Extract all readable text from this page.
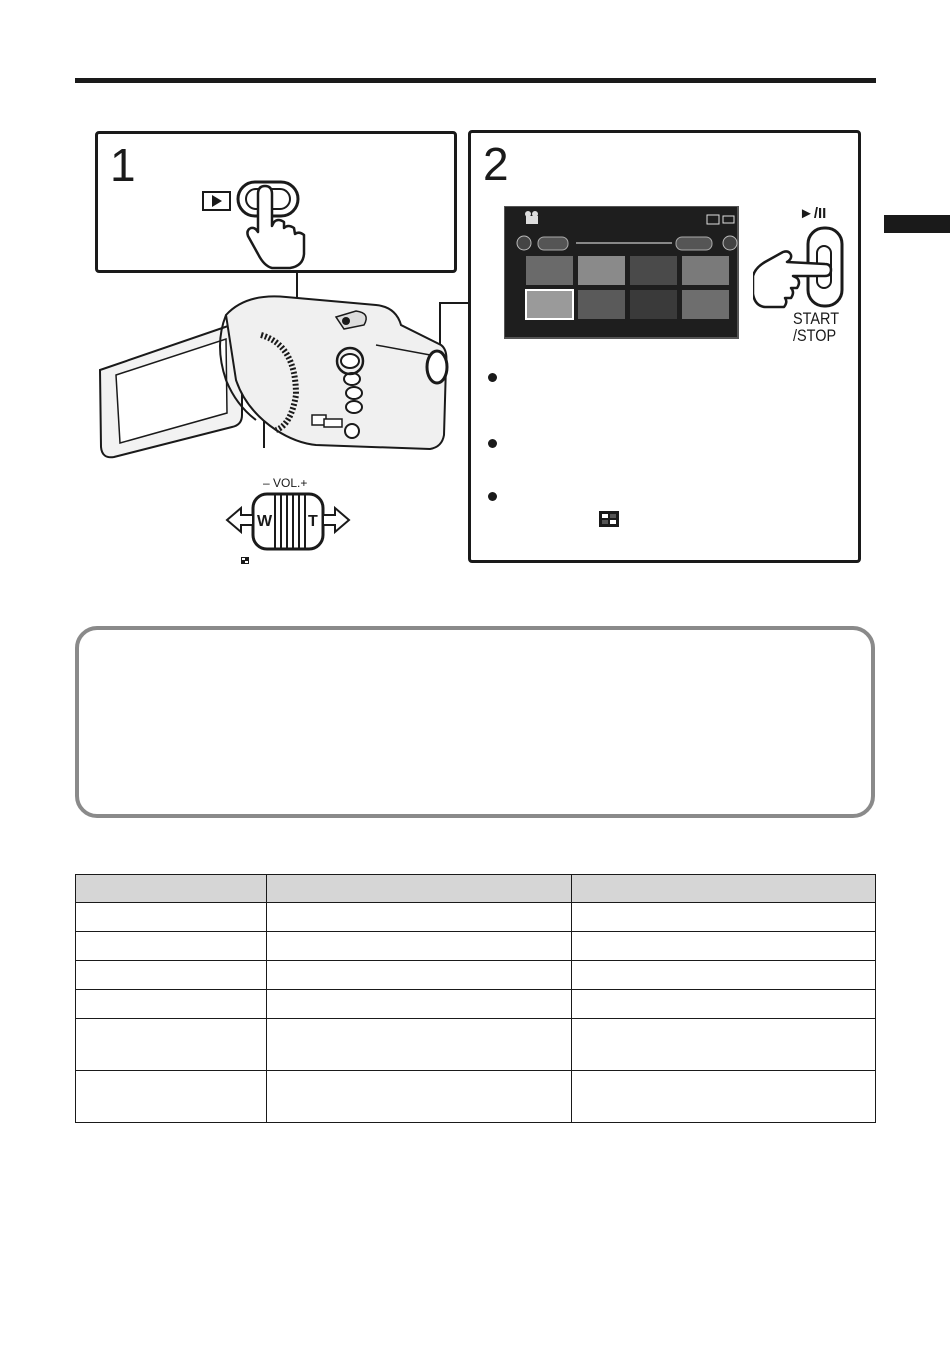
1	2
►/II
START
/STOP
– VOL.+
W T
